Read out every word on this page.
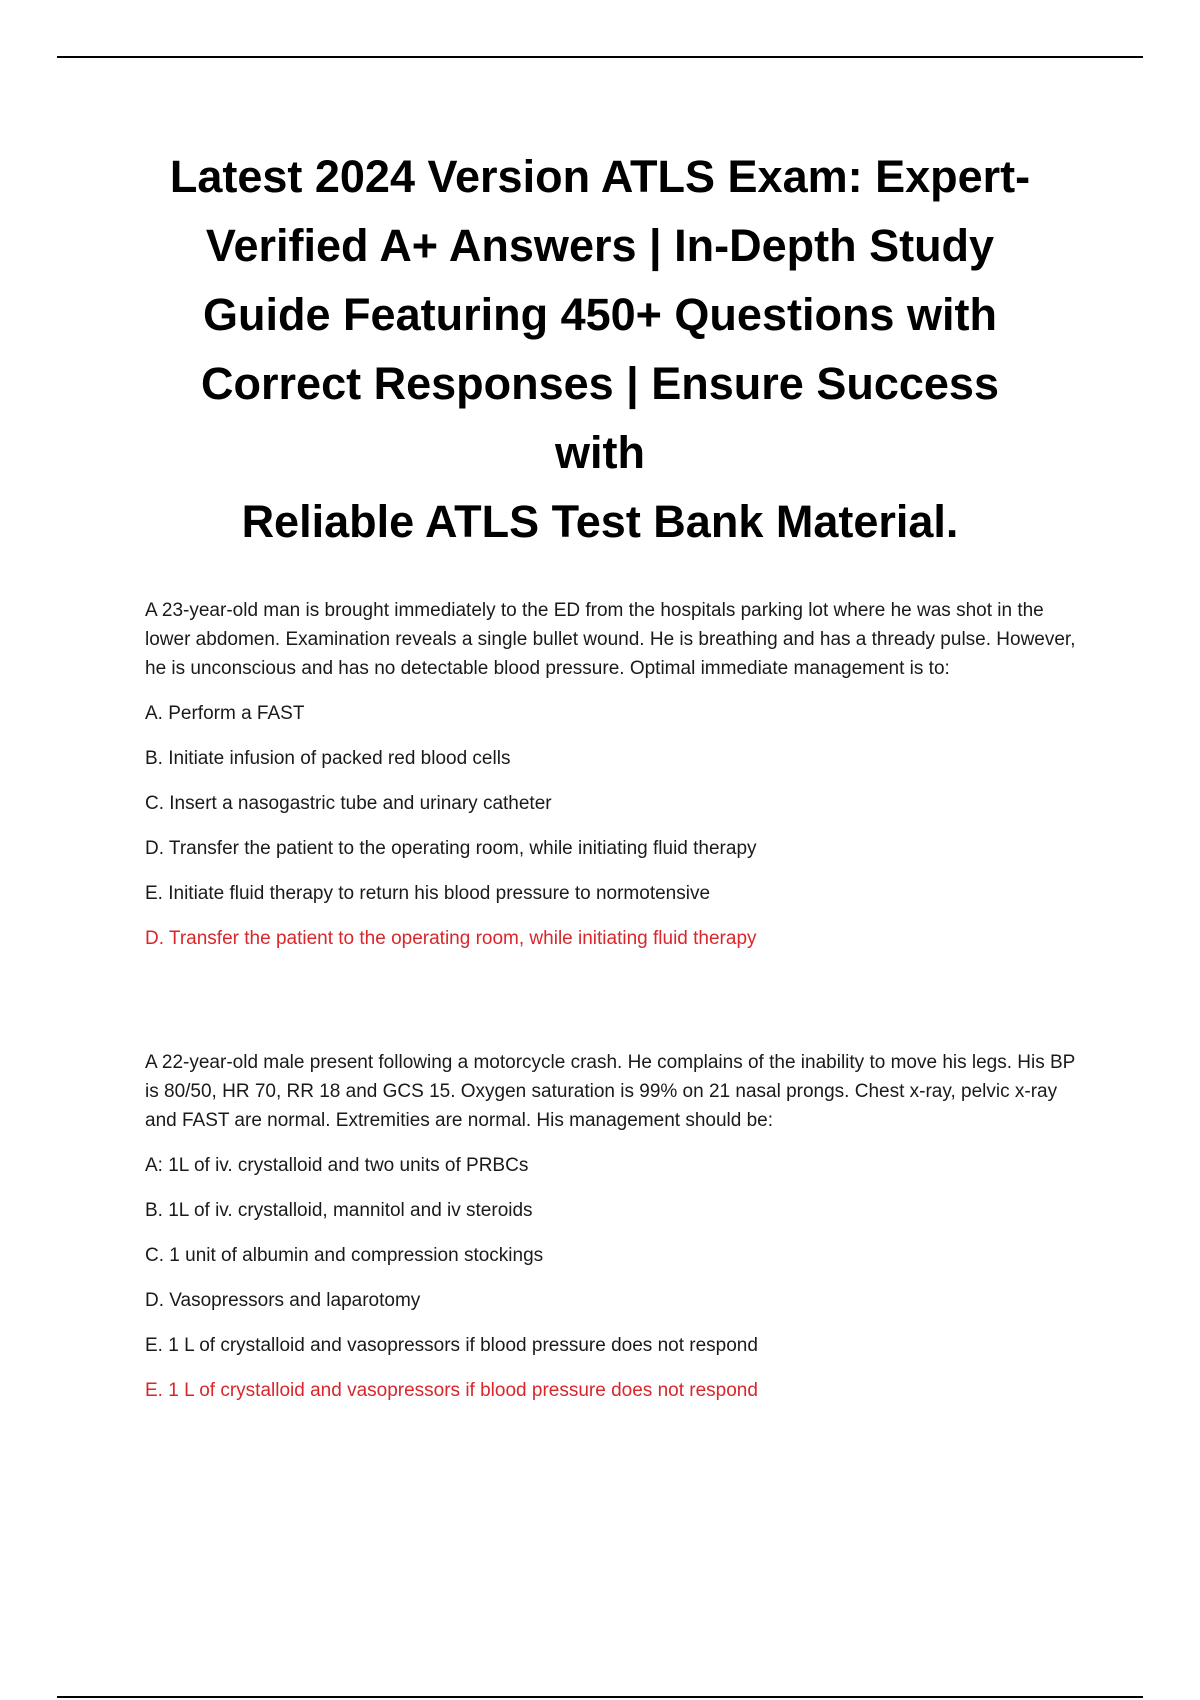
Latest 2024 Version ATLS Exam: Expert-
Verified A+ Answers | In-Depth Study
Guide Featuring 450+ Questions with
Correct Responses | Ensure Success with
Reliable ATLS Test Bank Material.

A 23-year-old man is brought immediately to the ED from the hospitals parking lot where he was shot in the lower abdomen. Examination reveals a single bullet wound. He is breathing and has a thready pulse. However, he is unconscious and has no detectable blood pressure. Optimal immediate management is to:

A. Perform a FAST
B. Initiate infusion of packed red blood cells
C. Insert a nasogastric tube and urinary catheter
D. Transfer the patient to the operating room, while initiating fluid therapy
E. Initiate fluid therapy to return his blood pressure to normotensive

D. Transfer the patient to the operating room, while initiating fluid therapy

A 22-year-old male present following a motorcycle crash. He complains of the inability to move his legs. His BP is 80/50, HR 70, RR 18 and GCS 15. Oxygen saturation is 99% on 21 nasal prongs. Chest x-ray, pelvic x-ray and FAST are normal. Extremities are normal. His management should be:

A: 1L of iv. crystalloid and two units of PRBCs
B. 1L of iv. crystalloid, mannitol and iv steroids
C. 1 unit of albumin and compression stockings
D. Vasopressors and laparotomy
E. 1 L of crystalloid and vasopressors if blood pressure does not respond

E. 1 L of crystalloid and vasopressors if blood pressure does not respond
